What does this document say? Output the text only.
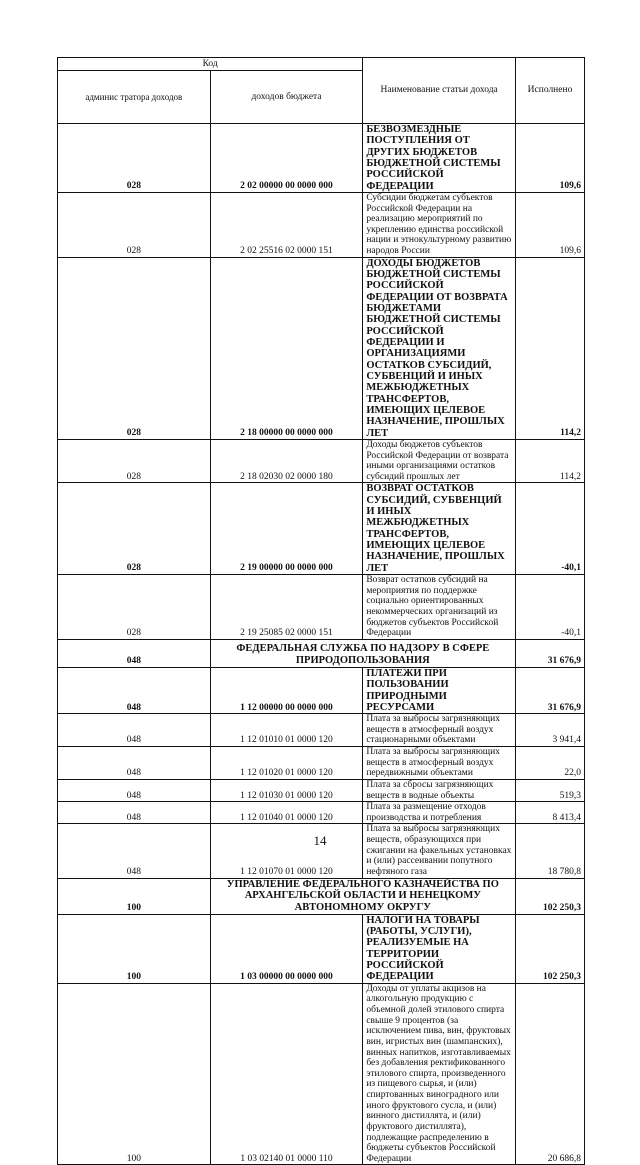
Код		Наименование статьи дохода	Исполнено
админис тратора доходов	доходов бюджета		
028	2 02 00000 00 0000 000	БЕЗВОЗМЕЗДНЫЕ ПОСТУПЛЕНИЯ ОТ ДРУГИХ БЮДЖЕТОВ БЮДЖЕТНОЙ СИСТЕМЫ РОССИЙСКОЙ ФЕДЕРАЦИИ	109,6
028	2 02 25516 02 0000 151	Субсидии бюджетам субъектов Российской Федерации на реализацию мероприятий по укреплению единства российской нации и этнокультурному развитию народов России	109,6
028	2 18 00000 00 0000 000	ДОХОДЫ БЮДЖЕТОВ БЮДЖЕТНОЙ СИСТЕМЫ РОССИЙСКОЙ ФЕДЕРАЦИИ ОТ ВОЗВРАТА БЮДЖЕТАМИ БЮДЖЕТНОЙ СИСТЕМЫ РОССИЙСКОЙ ФЕДЕРАЦИИ И ОРГАНИЗАЦИЯМИ ОСТАТКОВ СУБСИДИЙ, СУБВЕНЦИЙ И ИНЫХ МЕЖБЮДЖЕТНЫХ ТРАНСФЕРТОВ, ИМЕЮЩИХ ЦЕЛЕВОЕ НАЗНАЧЕНИЕ, ПРОШЛЫХ ЛЕТ	114,2
028	2 18 02030 02 0000 180	Доходы бюджетов субъектов Российской Федерации от возврата иными организациями остатков субсидий прошлых лет	114,2
028	2 19 00000 00 0000 000	ВОЗВРАТ ОСТАТКОВ СУБСИДИЙ, СУБВЕНЦИЙ И ИНЫХ МЕЖБЮДЖЕТНЫХ ТРАНСФЕРТОВ, ИМЕЮЩИХ ЦЕЛЕВОЕ НАЗНАЧЕНИЕ, ПРОШЛЫХ ЛЕТ	-40,1
028	2 19 25085 02 0000 151	Возврат остатков субсидий на мероприятия по поддержке социально ориентированных некоммерческих организаций из бюджетов субъектов Российской Федерации	-40,1
048	ФЕДЕРАЛЬНАЯ СЛУЖБА ПО НАДЗОРУ В СФЕРЕ ПРИРОДОПОЛЬЗОВАНИЯ		31 676,9
048	1 12 00000 00 0000 000	ПЛАТЕЖИ ПРИ ПОЛЬЗОВАНИИ ПРИРОДНЫМИ РЕСУРСАМИ	31 676,9
048	1 12 01010 01 0000 120	Плата за выбросы загрязняющих веществ в атмосферный воздух стационарными объектами	3 941,4
048	1 12 01020 01 0000 120	Плата за выбросы загрязняющих веществ в атмосферный воздух передвижными объектами	22,0
048	1 12 01030 01 0000 120	Плата за сбросы загрязняющих веществ в водные объекты	519,3
048	1 12 01040 01 0000 120	Плата за размещение отходов производства и потребления	8 413,4
048	1 12 01070 01 0000 120	Плата за выбросы загрязняющих веществ, образующихся при сжигании на факельных установках и (или) рассеивании попутного нефтяного газа	18 780,8
100	УПРАВЛЕНИЕ ФЕДЕРАЛЬНОГО КАЗНАЧЕЙСТВА ПО АРХАНГЕЛЬСКОЙ ОБЛАСТИ И НЕНЕЦКОМУ АВТОНОМНОМУ ОКРУГУ		102 250,3
100	1 03 00000 00 0000 000	НАЛОГИ НА ТОВАРЫ (РАБОТЫ, УСЛУГИ), РЕАЛИЗУЕМЫЕ НА ТЕРРИТОРИИ РОССИЙСКОЙ ФЕДЕРАЦИИ	102 250,3
100	1 03 02140 01 0000 110	Доходы от уплаты акцизов на алкогольную продукцию с объемной долей этилового спирта свыше 9 процентов (за исключением пива, вин, фруктовых вин, игристых вин (шампанских), винных напитков, изготавливаемых без добавления ректификованного этилового спирта, произведенного из пищевого сырья, и (или) спиртованных виноградного или иного фруктового сусла, и (или) винного дистиллята, и (или) фруктового дистиллята), подлежащие распределению в бюджеты субъектов Российской Федерации	20 686,8
14
